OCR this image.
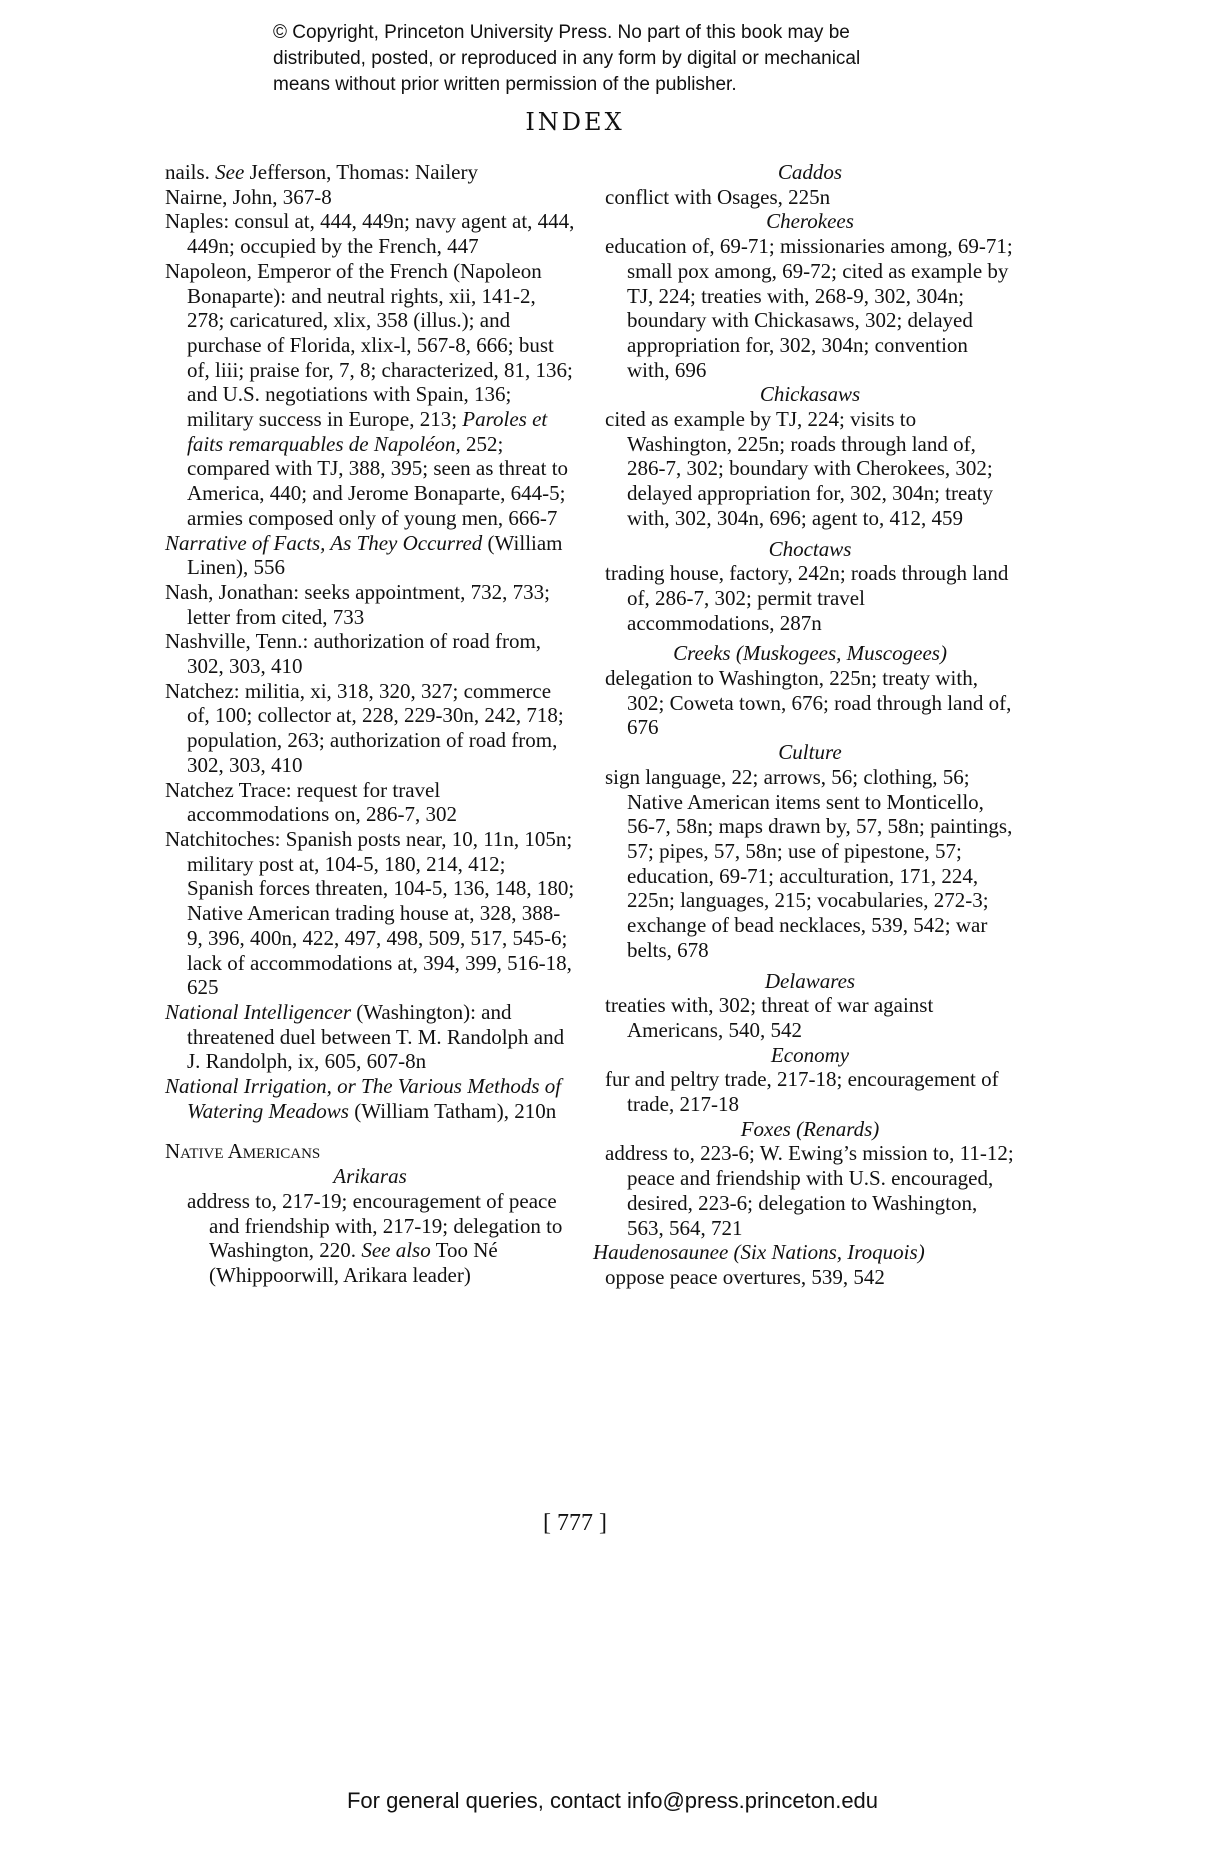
© Copyright, Princeton University Press. No part of this book may be
distributed, posted, or reproduced in any form by digital or mechanical
means without prior written permission of the publisher.
INDEX
nails. See Jefferson, Thomas: Nailery
Nairne, John, 367-8
Naples: consul at, 444, 449n; navy agent at, 444, 449n; occupied by the French, 447
Napoleon, Emperor of the French (Napoleon Bonaparte): and neutral rights, xii, 141-2, 278; caricatured, xlix, 358 (illus.); and purchase of Florida, xlix-l, 567-8, 666; bust of, liii; praise for, 7, 8; characterized, 81, 136; and U.S. negotiations with Spain, 136; military success in Europe, 213; Paroles et faits remarquables de Napoléon, 252; compared with TJ, 388, 395; seen as threat to America, 440; and Jerome Bonaparte, 644-5; armies composed only of young men, 666-7
Narrative of Facts, As They Occurred (William Linen), 556
Nash, Jonathan: seeks appointment, 732, 733; letter from cited, 733
Nashville, Tenn.: authorization of road from, 302, 303, 410
Natchez: militia, xi, 318, 320, 327; commerce of, 100; collector at, 228, 229-30n, 242, 718; population, 263; authorization of road from, 302, 303, 410
Natchez Trace: request for travel accommodations on, 286-7, 302
Natchitoches: Spanish posts near, 10, 11n, 105n; military post at, 104-5, 180, 214, 412; Spanish forces threaten, 104-5, 136, 148, 180; Native American trading house at, 328, 388-9, 396, 400n, 422, 497, 498, 509, 517, 545-6; lack of accommodations at, 394, 399, 516-18, 625
National Intelligencer (Washington): and threatened duel between T. M. Randolph and J. Randolph, ix, 605, 607-8n
National Irrigation, or The Various Methods of Watering Meadows (William Tatham), 210n
Native Americans
Arikaras
address to, 217-19; encouragement of peace and friendship with, 217-19; delegation to Washington, 220. See also Too Né (Whippoorwill, Arikara leader)
Caddos
conflict with Osages, 225n
Cherokees
education of, 69-71; missionaries among, 69-71; small pox among, 69-72; cited as example by TJ, 224; treaties with, 268-9, 302, 304n; boundary with Chickasaws, 302; delayed appropriation for, 302, 304n; convention with, 696
Chickasaws
cited as example by TJ, 224; visits to Washington, 225n; roads through land of, 286-7, 302; boundary with Cherokees, 302; delayed appropriation for, 302, 304n; treaty with, 302, 304n, 696; agent to, 412, 459
Choctaws
trading house, factory, 242n; roads through land of, 286-7, 302; permit travel accommodations, 287n
Creeks (Muskogees, Muscogees)
delegation to Washington, 225n; treaty with, 302; Coweta town, 676; road through land of, 676
Culture
sign language, 22; arrows, 56; clothing, 56; Native American items sent to Monticello, 56-7, 58n; maps drawn by, 57, 58n; paintings, 57; pipes, 57, 58n; use of pipestone, 57; education, 69-71; acculturation, 171, 224, 225n; languages, 215; vocabularies, 272-3; exchange of bead necklaces, 539, 542; war belts, 678
Delawares
treaties with, 302; threat of war against Americans, 540, 542
Economy
fur and peltry trade, 217-18; encouragement of trade, 217-18
Foxes (Renards)
address to, 223-6; W. Ewing’s mission to, 11-12; peace and friendship with U.S. encouraged, desired, 223-6; delegation to Washington, 563, 564, 721
Haudenosaunee (Six Nations, Iroquois)
oppose peace overtures, 539, 542
[ 777 ]
For general queries, contact info@press.princeton.edu
